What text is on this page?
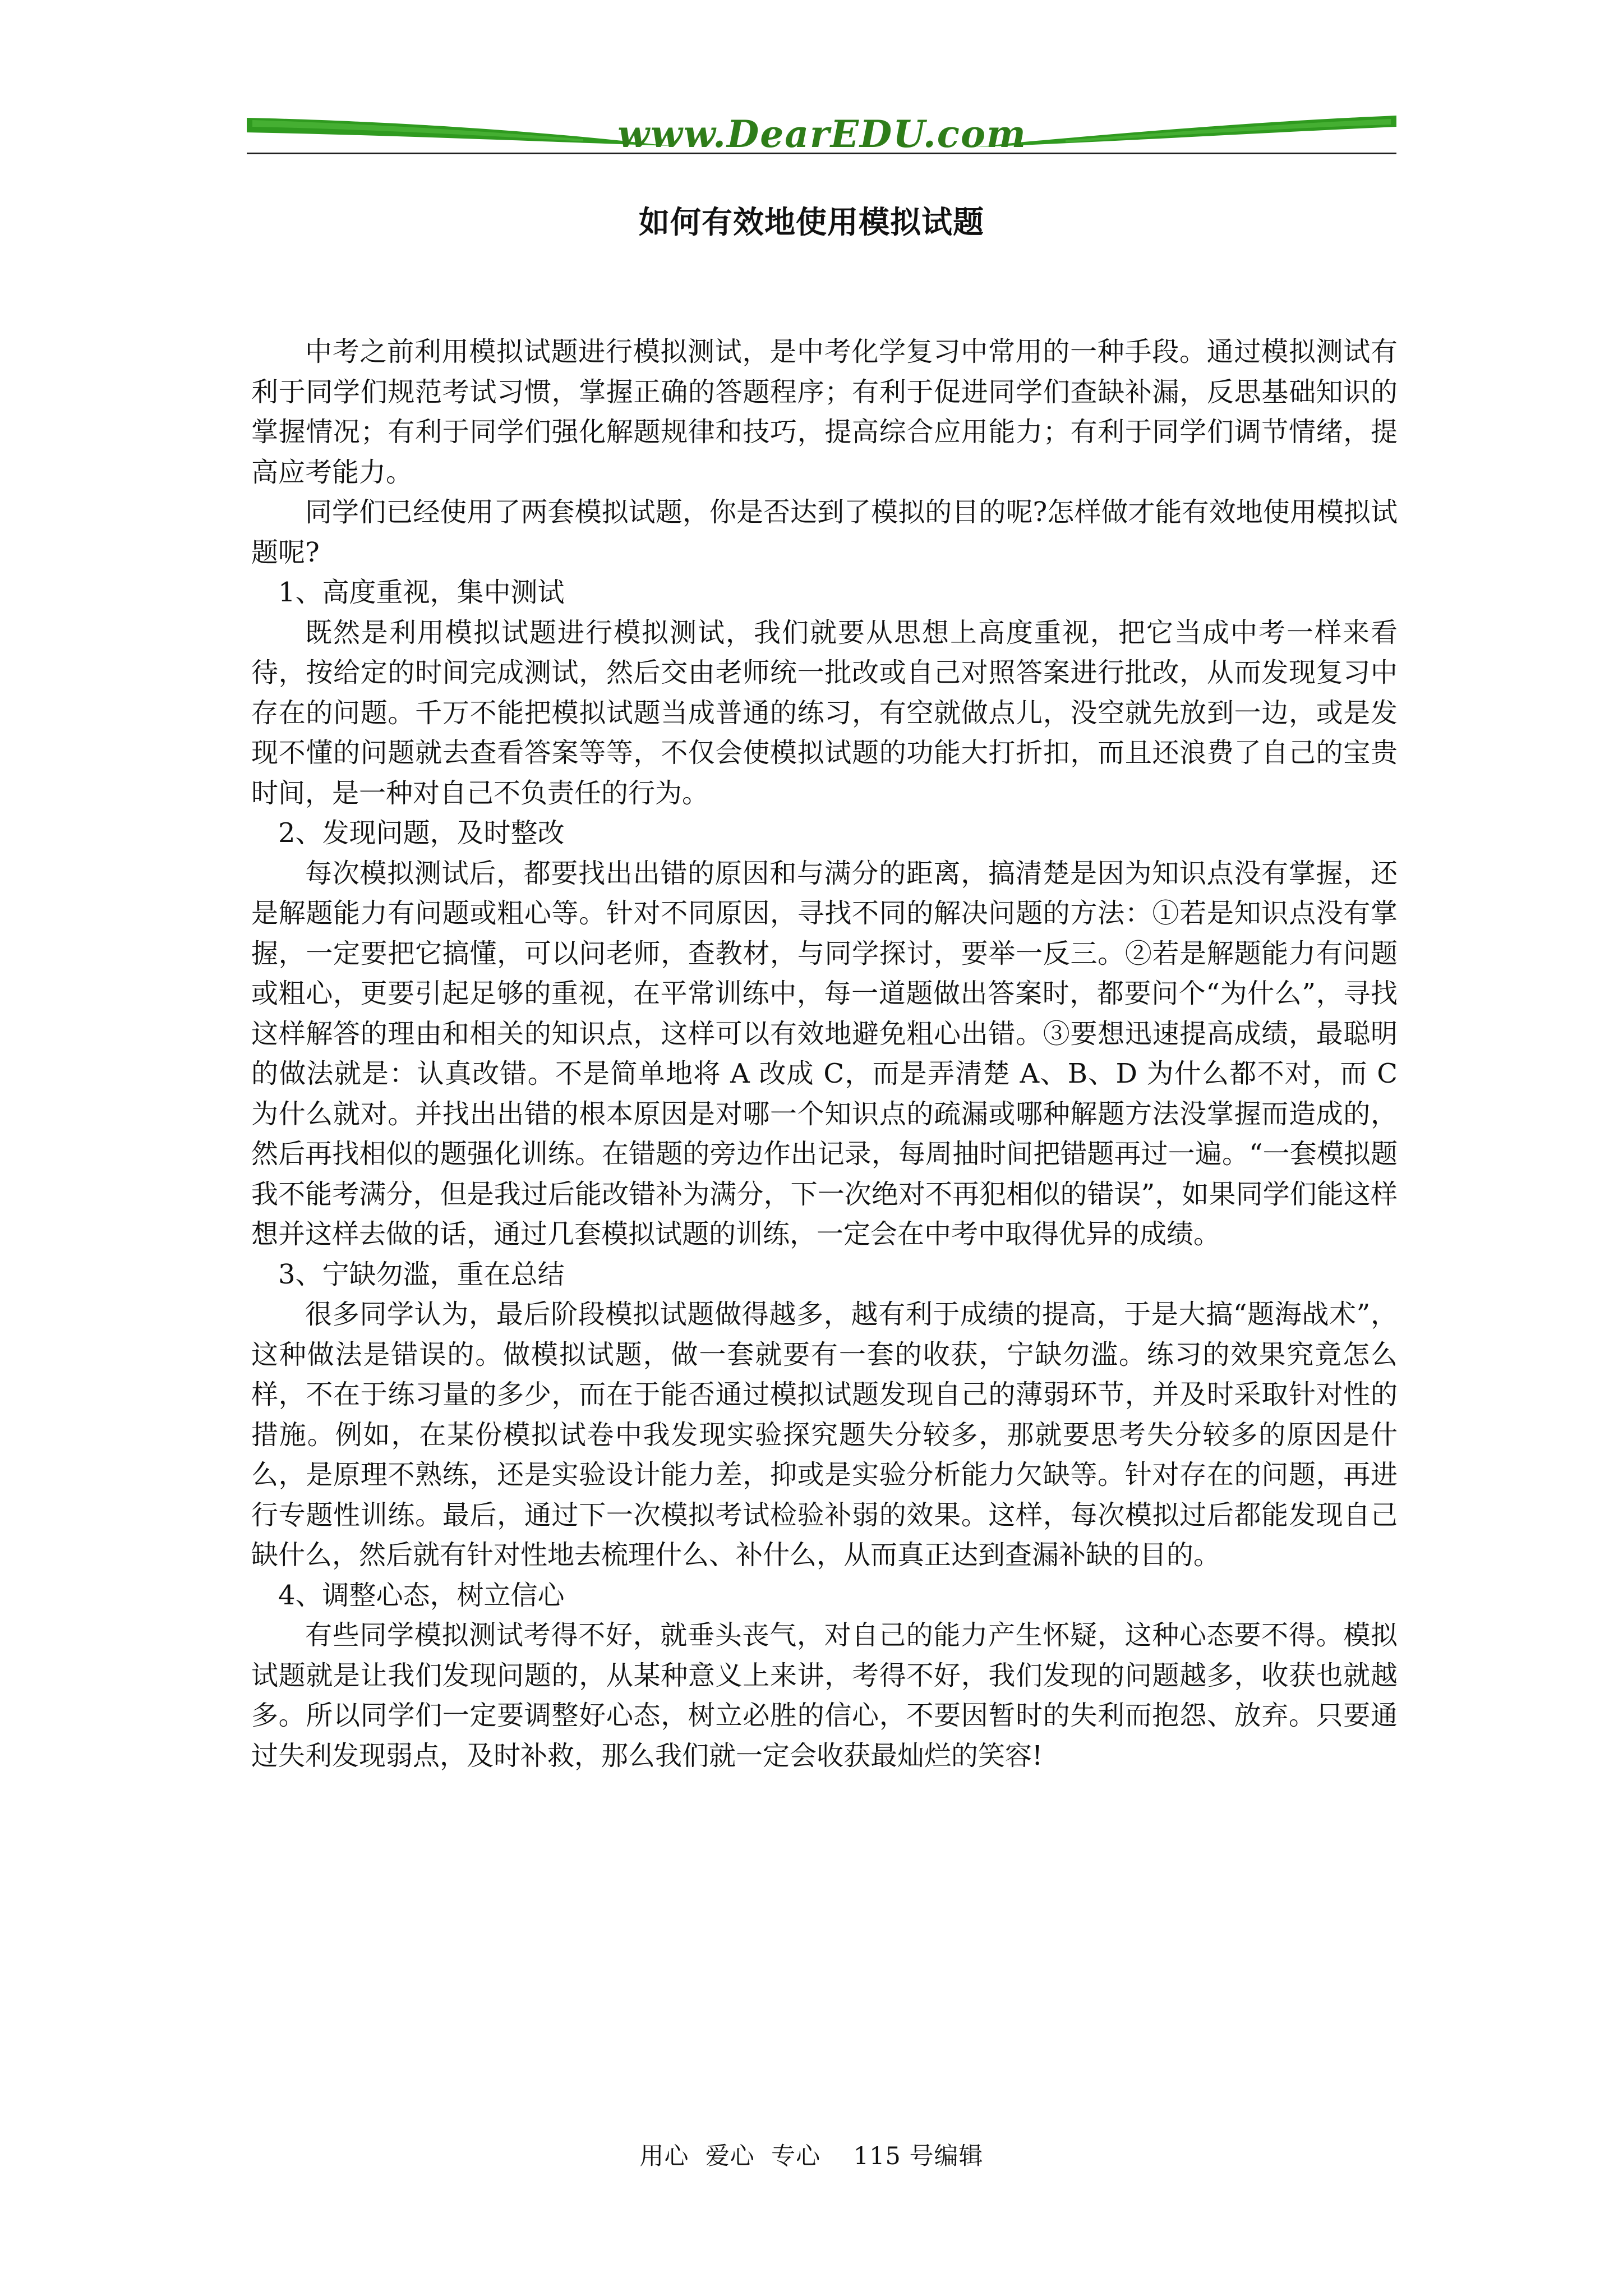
www.DearEDU.com
如何有效地使用模拟试题

中考之前利用模拟试题进行模拟测试，是中考化学复习中常用的一种手段。通过模拟测试有利于同学们规范考试习惯，掌握正确的答题程序；有利于促进同学们查缺补漏，反思基础知识的掌握情况；有利于同学们强化解题规律和技巧，提高综合应用能力；有利于同学们调节情绪，提高应考能力。

同学们已经使用了两套模拟试题，你是否达到了模拟的目的呢?怎样做才能有效地使用模拟试题呢?

1、高度重视，集中测试

既然是利用模拟试题进行模拟测试，我们就要从思想上高度重视，把它当成中考一样来看待，按给定的时间完成测试，然后交由老师统一批改或自己对照答案进行批改，从而发现复习中存在的问题。千万不能把模拟试题当成普通的练习，有空就做点儿，没空就先放到一边，或是发现不懂的问题就去查看答案等等，不仅会使模拟试题的功能大打折扣，而且还浪费了自己的宝贵时间，是一种对自己不负责任的行为。

2、发现问题，及时整改

每次模拟测试后，都要找出出错的原因和与满分的距离，搞清楚是因为知识点没有掌握，还是解题能力有问题或粗心等。针对不同原因，寻找不同的解决问题的方法：①若是知识点没有掌握，一定要把它搞懂，可以问老师，查教材，与同学探讨，要举一反三。②若是解题能力有问题或粗心，更要引起足够的重视，在平常训练中，每一道题做出答案时，都要问个“为什么”，寻找这样解答的理由和相关的知识点，这样可以有效地避免粗心出错。③要想迅速提高成绩，最聪明的做法就是：认真改错。不是简单地将 A 改成 C，而是弄清楚 A、B、D 为什么都不对，而 C 为什么就对。并找出出错的根本原因是对哪一个知识点的疏漏或哪种解题方法没掌握而造成的，然后再找相似的题强化训练。在错题的旁边作出记录，每周抽时间把错题再过一遍。“一套模拟题我不能考满分，但是我过后能改错补为满分，下一次绝对不再犯相似的错误”，如果同学们能这样想并这样去做的话，通过几套模拟试题的训练，一定会在中考中取得优异的成绩。

3、宁缺勿滥，重在总结

很多同学认为，最后阶段模拟试题做得越多，越有利于成绩的提高，于是大搞“题海战术”，这种做法是错误的。做模拟试题，做一套就要有一套的收获，宁缺勿滥。练习的效果究竟怎么样，不在于练习量的多少，而在于能否通过模拟试题发现自己的薄弱环节，并及时采取针对性的措施。例如，在某份模拟试卷中我发现实验探究题失分较多，那就要思考失分较多的原因是什么，是原理不熟练，还是实验设计能力差，抑或是实验分析能力欠缺等。针对存在的问题，再进行专题性训练。最后，通过下一次模拟考试检验补弱的效果。这样，每次模拟过后都能发现自己缺什么，然后就有针对性地去梳理什么、补什么，从而真正达到查漏补缺的目的。

4、调整心态，树立信心

有些同学模拟测试考得不好，就垂头丧气，对自己的能力产生怀疑，这种心态要不得。模拟试题就是让我们发现问题的，从某种意义上来讲，考得不好，我们发现的问题越多，收获也就越多。所以同学们一定要调整好心态，树立必胜的信心，不要因暂时的失利而抱怨、放弃。只要通过失利发现弱点，及时补救，那么我们就一定会收获最灿烂的笑容!

用心  爱心  专心    115 号编辑
